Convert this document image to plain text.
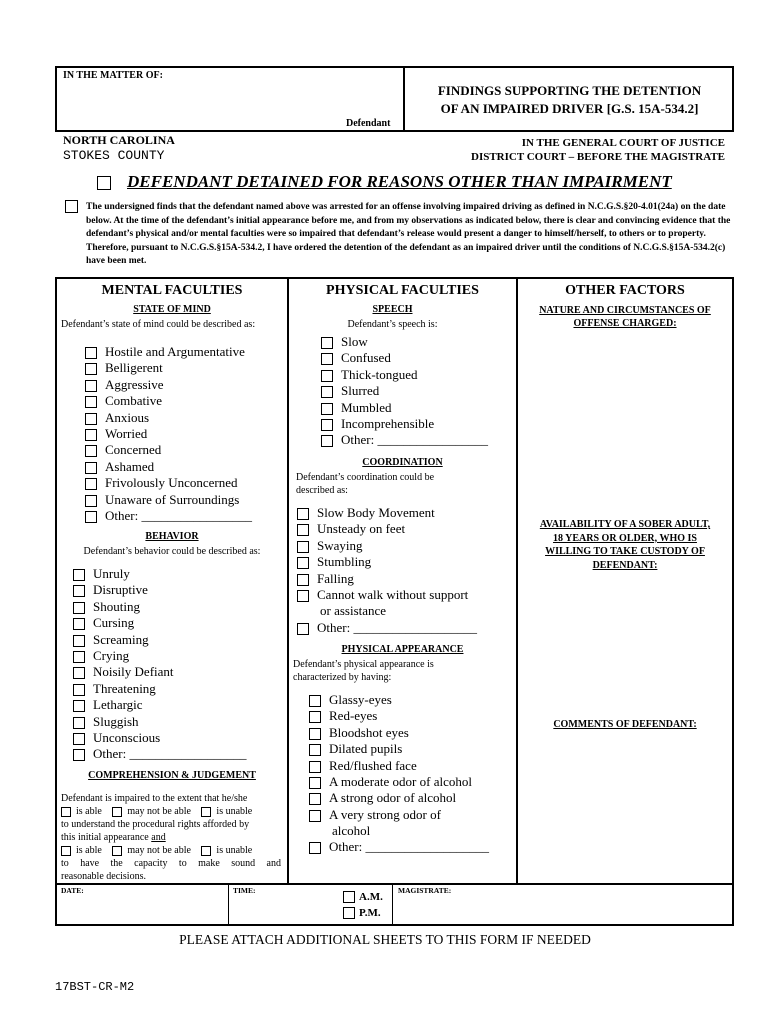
IN THE MATTER OF:
Defendant
FINDINGS SUPPORTING THE DETENTION
OF AN IMPAIRED DRIVER [G.S. 15A-534.2]
NORTH CAROLINA
STOKES COUNTY
IN THE GENERAL COURT OF JUSTICE
DISTRICT COURT – BEFORE THE MAGISTRATE
DEFENDANT DETAINED FOR REASONS OTHER THAN IMPAIRMENT
The undersigned finds that the defendant named above was arrested for an offense involving impaired driving as defined in N.C.G.S.§20-4.01(24a) on the date below. At the time of the defendant’s initial appearance before me, and from my observations as indicated below, there is clear and convincing evidence that the defendant’s physical and/or mental faculties were so impaired that defendant’s release would present a danger to himself/herself, to others or to property. Therefore, pursuant to N.C.G.S.§15A-534.2, I have ordered the detention of the defendant as an impaired driver until the conditions of N.C.G.S.§15A-534.2(c) have been met.
MENTAL FACULTIES
STATE OF MIND
Defendant’s state of mind could be described as:
Hostile and Argumentative
Belligerent
Aggressive
Combative
Anxious
Worried
Concerned
Ashamed
Frivolously Unconcerned
Unaware of Surroundings
Other: _________________
BEHAVIOR
Defendant’s behavior could be described as:
Unruly
Disruptive
Shouting
Cursing
Screaming
Crying
Noisily Defiant
Threatening
Lethargic
Sluggish
Unconscious
Other: __________________
COMPREHENSION & JUDGEMENT
Defendant is impaired to the extent that he/she
is able	may not be able	is unable
to understand the procedural rights afforded by
this initial appearance and
is able	may not be able	is unable
to have the capacity to make sound and
reasonable decisions.
PHYSICAL FACULTIES
SPEECH
Defendant’s speech is:
Slow
Confused
Thick-tongued
Slurred
Mumbled
Incomprehensible
Other: _________________
COORDINATION
Defendant’s coordination could be
described as:
Slow Body Movement
Unsteady on feet
Swaying
Stumbling
Falling
Cannot walk without support
or assistance
Other: ___________________
PHYSICAL APPEARANCE
Defendant’s physical appearance is
characterized by having:
Glassy-eyes
Red-eyes
Bloodshot eyes
Dilated pupils
Red/flushed face
A moderate odor of alcohol
A strong odor of alcohol
A very strong odor of
alcohol
Other: ___________________
OTHER FACTORS
NATURE AND CIRCUMSTANCES OF
OFFENSE CHARGED:
AVAILABILITY OF A SOBER ADULT,
18 YEARS OR OLDER, WHO IS
WILLING TO TAKE CUSTODY OF
DEFENDANT:
COMMENTS OF DEFENDANT:
DATE:	TIME:
A.M.
P.M.
MAGISTRATE:
PLEASE ATTACH ADDITIONAL SHEETS TO THIS FORM IF NEEDED
17BST-CR-M2
